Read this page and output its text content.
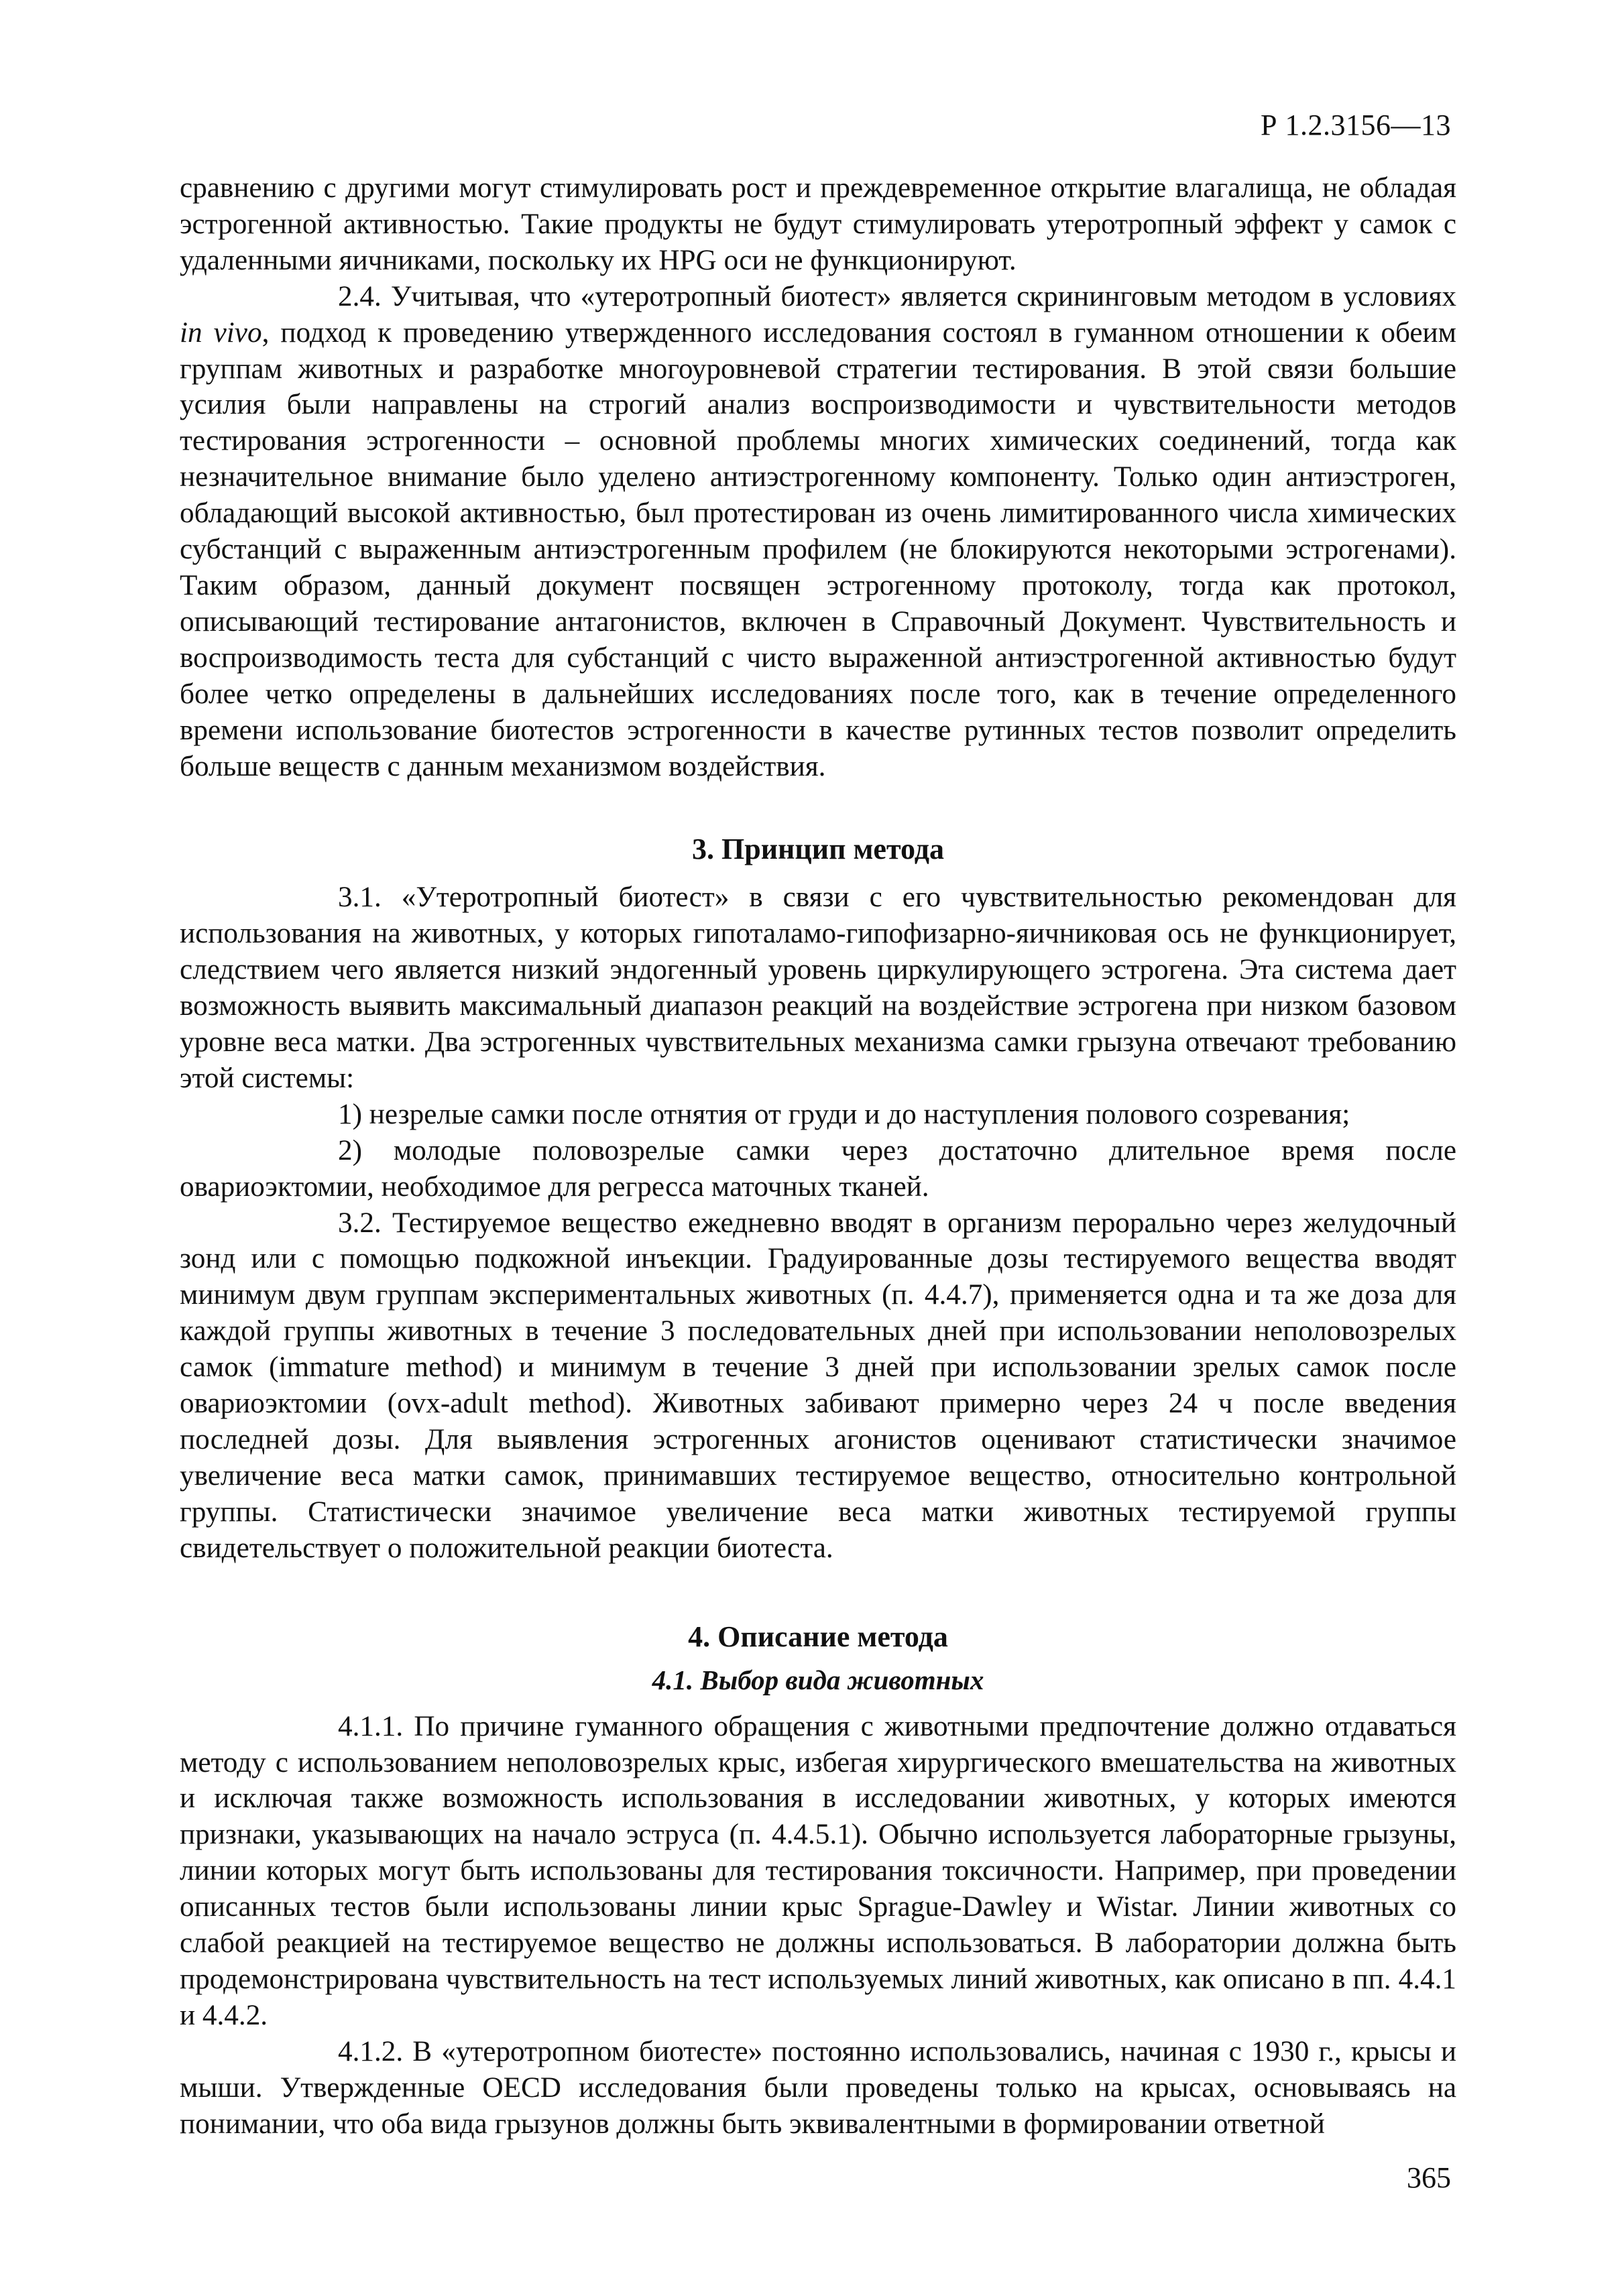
Р 1.2.3156—13

сравнению с другими могут стимулировать рост и преждевременное открытие влагалища, не обладая эстрогенной активностью. Такие продукты не будут стимулировать утеротропный эффект у самок с удаленными яичниками, поскольку их HPG оси не функционируют.

2.4. Учитывая, что «утеротропный биотест» является скрининговым методом в условиях in vivo, подход к проведению утвержденного исследования состоял в гуманном отношении к обеим группам животных и разработке многоуровневой стратегии тестирования. В этой связи большие усилия были направлены на строгий анализ воспроизводимости и чувствительности методов тестирования эстрогенности – основной проблемы многих химических соединений, тогда как незначительное внимание было уделено антиэстрогенному компоненту. Только один антиэстроген, обладающий высокой активностью, был протестирован из очень лимитированного числа химических субстанций с выраженным антиэстрогенным профилем (не блокируются некоторыми эстрогенами). Таким образом, данный документ посвящен эстрогенному протоколу, тогда как протокол, описывающий тестирование антагонистов, включен в Справочный Документ. Чувствительность и воспроизводимость теста для субстанций с чисто выраженной антиэстрогенной активностью будут более четко определены в дальнейших исследованиях после того, как в течение определенного времени использование биотестов эстрогенности в качестве рутинных тестов позволит определить больше веществ с данным механизмом воздействия.

3. Принцип метода

3.1. «Утеротропный биотест» в связи с его чувствительностью рекомендован для использования на животных, у которых гипоталамо-гипофизарно-яичниковая ось не функционирует, следствием чего является низкий эндогенный уровень циркулирующего эстрогена. Эта система дает возможность выявить максимальный диапазон реакций на воздействие эстрогена при низком базовом уровне веса матки. Два эстрогенных чувствительных механизма самки грызуна отвечают требованию этой системы:

1) незрелые самки после отнятия от груди и до наступления полового созревания;

2) молодые половозрелые самки через достаточно длительное время после овариоэктомии, необходимое для регресса маточных тканей.

3.2. Тестируемое вещество ежедневно вводят в организм перорально через желудочный зонд или с помощью подкожной инъекции. Градуированные дозы тестируемого вещества вводят минимум двум группам экспериментальных животных (п. 4.4.7), применяется одна и та же доза для каждой группы животных в течение 3 последовательных дней при использовании неполовозрелых самок (immature method) и минимум в течение 3 дней при использовании зрелых самок после овариоэктомии (ovx-adult method). Животных забивают примерно через 24 ч после введения последней дозы. Для выявления эстрогенных агонистов оценивают статистически значимое увеличение веса матки самок, принимавших тестируемое вещество, относительно контрольной группы. Статистически значимое увеличение веса матки животных тестируемой группы свидетельствует о положительной реакции биотеста.

4. Описание метода
4.1. Выбор вида животных

4.1.1. По причине гуманного обращения с животными предпочтение должно отдаваться методу с использованием неполовозрелых крыс, избегая хирургического вмешательства на животных и исключая также возможность использования в исследовании животных, у которых имеются признаки, указывающих на начало эструса (п. 4.4.5.1). Обычно используется лабораторные грызуны, линии которых могут быть использованы для тестирования токсичности. Например, при проведении описанных тестов были использованы линии крыс Sprague-Dawley и Wistar. Линии животных со слабой реакцией на тестируемое вещество не должны использоваться. В лаборатории должна быть продемонстрирована чувствительность на тест используемых линий животных, как описано в пп. 4.4.1 и 4.4.2.

4.1.2. В «утеротропном биотесте» постоянно использовались, начиная с 1930 г., крысы и мыши. Утвержденные OECD исследования были проведены только на крысах, основываясь на понимании, что оба вида грызунов должны быть эквивалентными в формировании ответной

365
